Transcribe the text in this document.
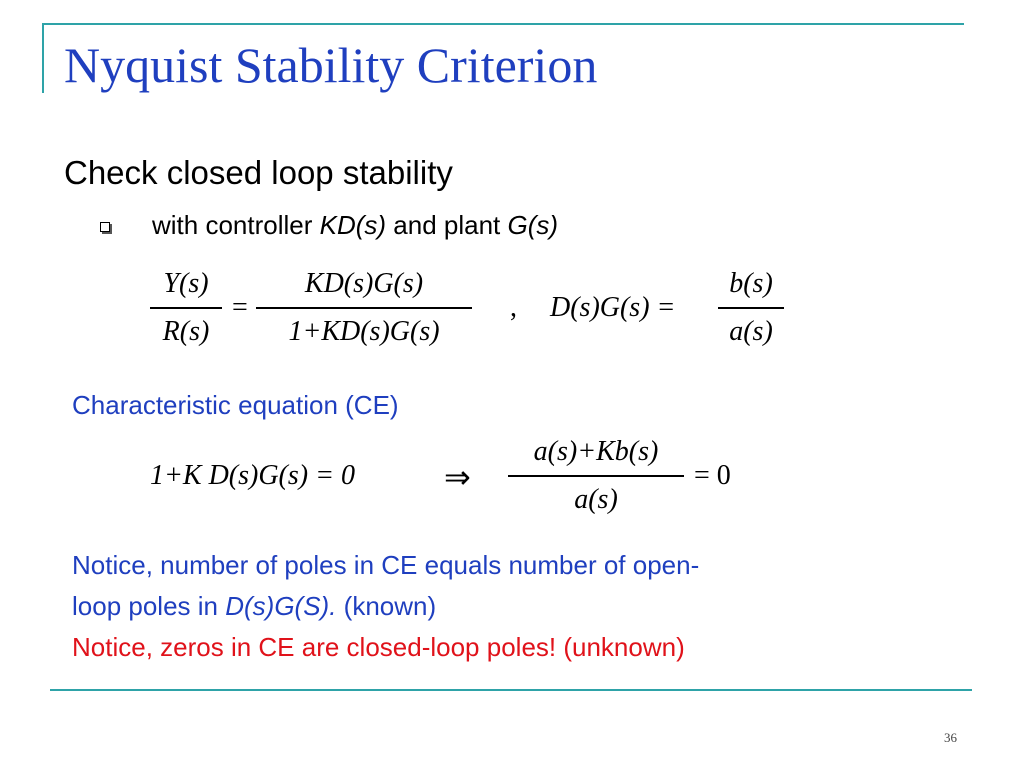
Nyquist Stability Criterion
Check closed loop stability
with controller KD(s) and plant G(s)
Y(s)
R(s)
=
KD(s)G(s)
1+KD(s)G(s)
, D(s)G(s) =
b(s)
a(s)
Characteristic equation (CE)
1+K D(s)G(s) = 0	⇒
a(s)+Kb(s)
a(s)
= 0
Notice, number of poles in CE equals number of open-
loop poles in D(s)G(S). (known)
Notice, zeros in CE are closed-loop poles! (unknown)
36
